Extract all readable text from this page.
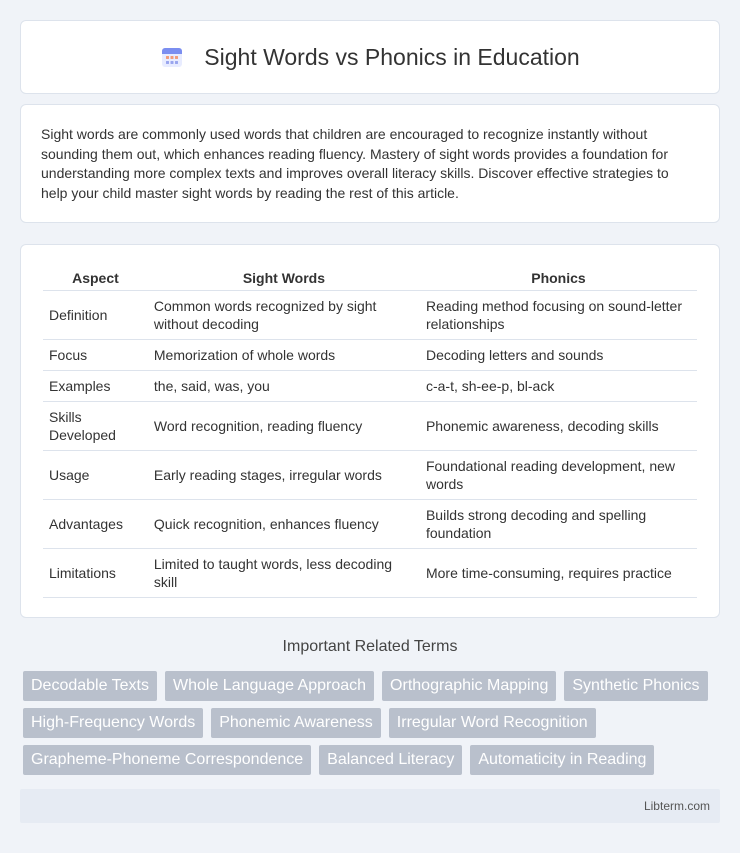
Sight Words vs Phonics in Education

Sight words are commonly used words that children are encouraged to recognize instantly without sounding them out, which enhances reading fluency. Mastery of sight words provides a foundation for understanding more complex texts and improves overall literacy skills. Discover effective strategies to help your child master sight words by reading the rest of this article.

Aspect	Sight Words	Phonics
Definition	Common words recognized by sight without decoding	Reading method focusing on sound-letter relationships
Focus	Memorization of whole words	Decoding letters and sounds
Examples	the, said, was, you	c-a-t, sh-ee-p, bl-ack
Skills Developed	Word recognition, reading fluency	Phonemic awareness, decoding skills
Usage	Early reading stages, irregular words	Foundational reading development, new words
Advantages	Quick recognition, enhances fluency	Builds strong decoding and spelling foundation
Limitations	Limited to taught words, less decoding skill	More time-consuming, requires practice
Important Related Terms
Decodable Texts	Whole Language Approach	Orthographic Mapping	Synthetic Phonics
High-Frequency Words	Phonemic Awareness	Irregular Word Recognition
Grapheme-Phoneme Correspondence	Balanced Literacy	Automaticity in Reading
Libterm.com
